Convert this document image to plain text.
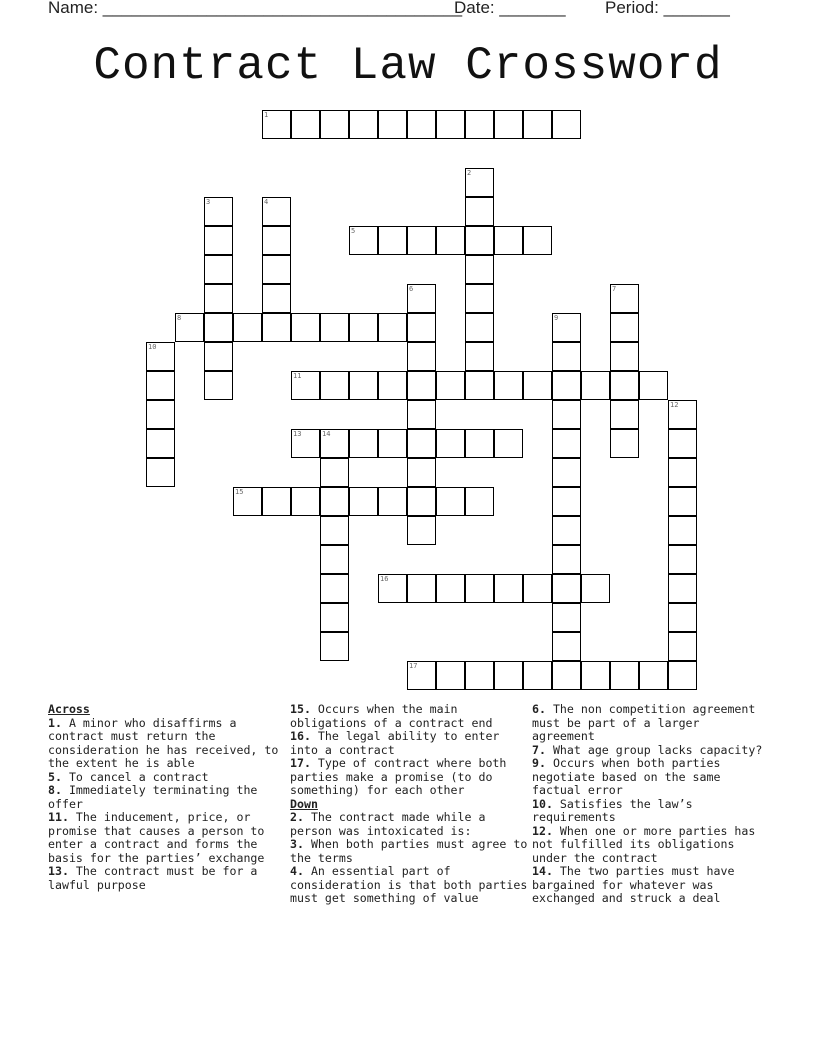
Name: ______________________________________
Date: _______ Period: _______
Contract Law Crossword
1
2
3	4
5
6	7
8	9
10
11
12
13	14
15
16
17
Across
1. A minor who disaffirms a contract must return the consideration he has received, to the extent he is able
5. To cancel a contract
8. Immediately terminating the offer
11. The inducement, price, or promise that causes a person to enter a contract and forms the basis for the parties’ exchange
13. The contract must be for a lawful purpose
15. Occurs when the main obligations of a contract end
16. The legal ability to enter into a contract
17. Type of contract where both parties make a promise (to do something) for each other
Down
2. The contract made while a person was intoxicated is:
3. When both parties must agree to the terms
4. An essential part of consideration is that both parties must get something of value
6. The non competition agreement must be part of a larger agreement
7. What age group lacks capacity?
9. Occurs when both parties negotiate based on the same factual error
10. Satisfies the law’s requirements
12. When one or more parties has not fulfilled its obligations under the contract
14. The two parties must have bargained for whatever was exchanged and struck a deal
